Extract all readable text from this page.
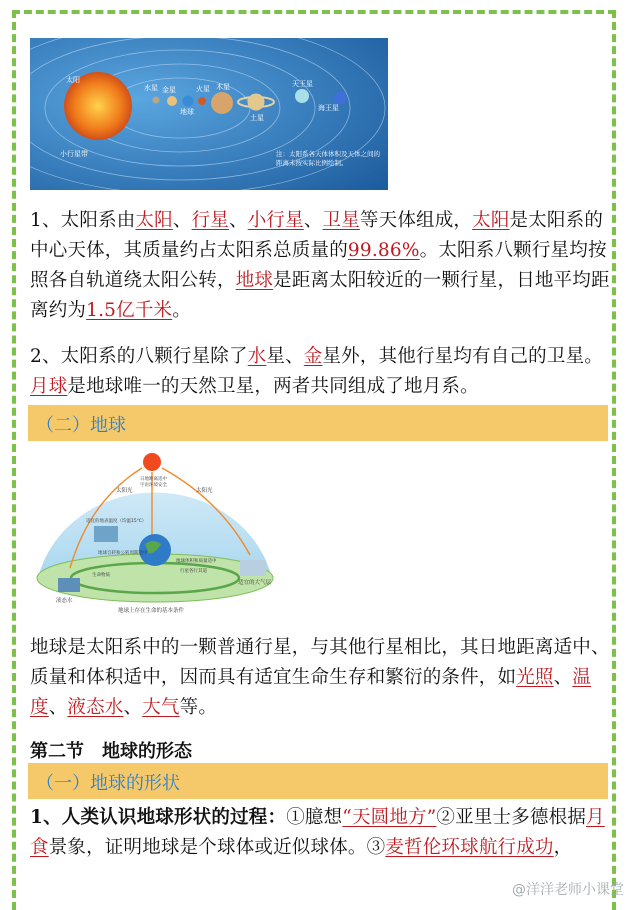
太阳
水星 金星
地球
火星 木星
土星
天王星
海王星
小行星带	注：太阳系各天体体积及天体之间的距离未按实际比例绘制。
1、太阳系由太阳、行星、小行星、卫星等天体组成，太阳是太阳系的中心天体，其质量约占太阳系总质量的99.86%。太阳系八颗行星均按照各自轨道绕太阳公转，地球是距离太阳较近的一颗行星，日地平均距离约为1.5亿千米。
2、太阳系的八颗行星除了水星、金星外，其他行星均有自己的卫星。月球是地球唯一的天然卫星，两者共同组成了地月系。
（二）地球
太阳光	太阳光
日地距离适中
宇宙环境安全
适宜的地表温度（均温15℃）
地球自转和公转周期适中
地球体积和质量适中
行星各行其道
生命物质
液态水
适宜的大气层
地球上存在生命的基本条件
地球是太阳系中的一颗普通行星，与其他行星相比，其日地距离适中、质量和体积适中，因而具有适宜生命生存和繁衍的条件，如光照、温度、液态水、大气等。
第二节　地球的形态
（一）地球的形状
1、人类认识地球形状的过程：①臆想“天圆地方”②亚里士多德根据月食景象，证明地球是个球体或近似球体。③麦哲伦环球航行成功，
@洋洋老师小课堂
